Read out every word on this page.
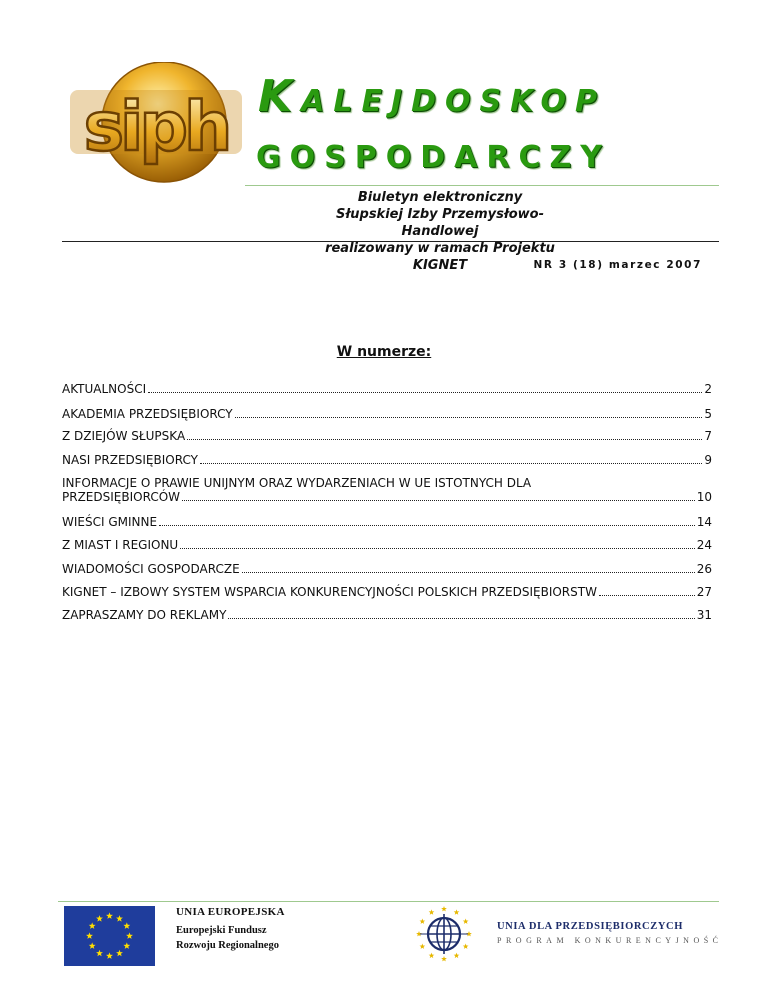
siph KALEJDOSKOP
GOSPODARCZY
Biuletyn elektroniczny
Słupskiej Izby Przemysłowo-Handlowej
realizowany w ramach Projektu KIGNET	NR 3 (18) marzec 2007
W numerze:
AKTUALNOŚCI	2
AKADEMIA PRZEDSIĘBIORCY	5
Z DZIEJÓW SŁUPSKA	7
NASI PRZEDSIĘBIORCY	9
INFORMACJE O PRAWIE UNIJNYM ORAZ WYDARZENIACH W UE ISTOTNYCH DLA
PRZEDSIĘBIORCÓW	10
WIEŚCI GMINNE	14
Z MIAST I REGIONU	24
WIADOMOŚCI GOSPODARCZE	26
KIGNET – IZBOWY SYSTEM WSPARCIA KONKURENCYJNOŚCI POLSKICH PRZEDSIĘBIORSTW	27
ZAPRASZAMY DO REKLAMY	31
UNIA EUROPEJSKA
Europejski Fundusz
Rozwoju Regionalnego
UNIA DLA PRZEDSIĘBIORCZYCH
PROGRAM KONKURENCYJNOŚĆ
